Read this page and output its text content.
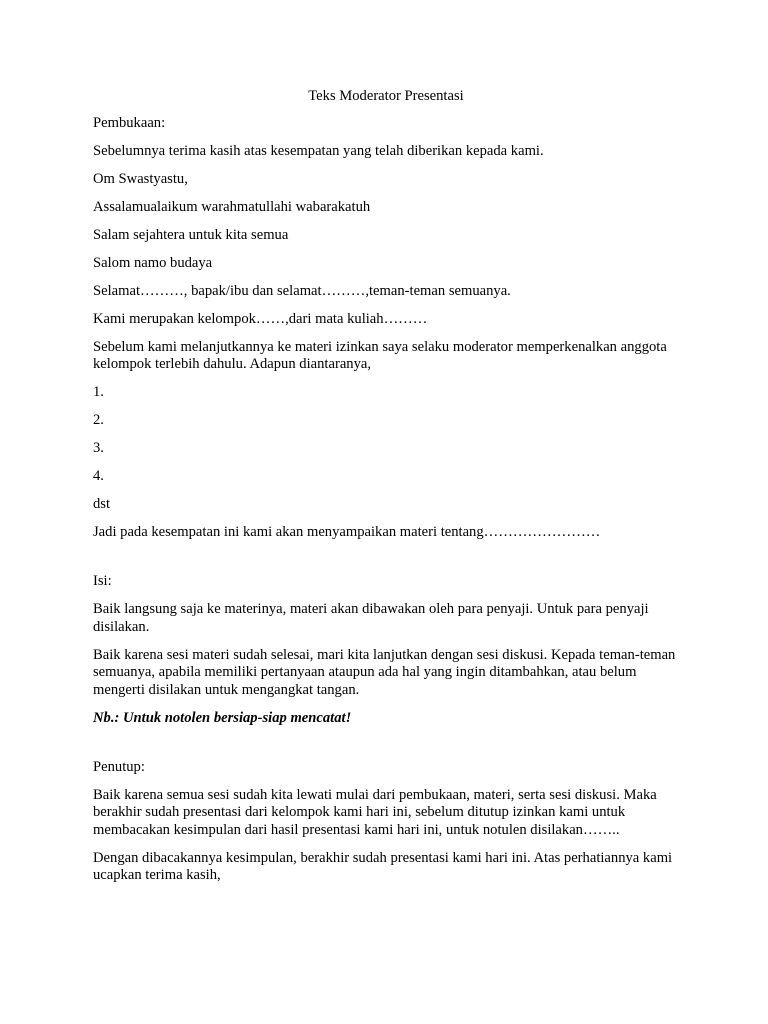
Teks Moderator Presentasi

Pembukaan:

Sebelumnya terima kasih atas kesempatan yang telah diberikan kepada kami.

Om Swastyastu,

Assalamualaikum warahmatullahi wabarakatuh

Salam sejahtera untuk kita semua

Salom namo budaya

Selamat………, bapak/ibu dan selamat………,teman-teman semuanya.

Kami merupakan kelompok……,dari mata kuliah………

Sebelum kami melanjutkannya ke materi izinkan saya selaku moderator memperkenalkan anggota kelompok terlebih dahulu. Adapun diantaranya,

1.

2.

3.

4.

dst

Jadi pada kesempatan ini kami akan menyampaikan materi tentang……………………

Isi:

Baik langsung saja ke materinya, materi akan dibawakan oleh para penyaji. Untuk para penyaji disilakan.

Baik karena sesi materi sudah selesai, mari kita lanjutkan dengan sesi diskusi. Kepada teman-teman semuanya, apabila memiliki pertanyaan ataupun ada hal yang ingin ditambahkan, atau belum mengerti disilakan untuk mengangkat tangan.

Nb.: Untuk notolen bersiap-siap mencatat!

Penutup:

Baik karena semua sesi sudah kita lewati mulai dari pembukaan, materi, serta sesi diskusi. Maka berakhir sudah presentasi dari kelompok kami hari ini, sebelum ditutup izinkan kami untuk membacakan kesimpulan dari hasil presentasi kami hari ini, untuk notulen disilakan……..

Dengan dibacakannya kesimpulan, berakhir sudah presentasi kami hari ini. Atas perhatiannya kami ucapkan terima kasih,
